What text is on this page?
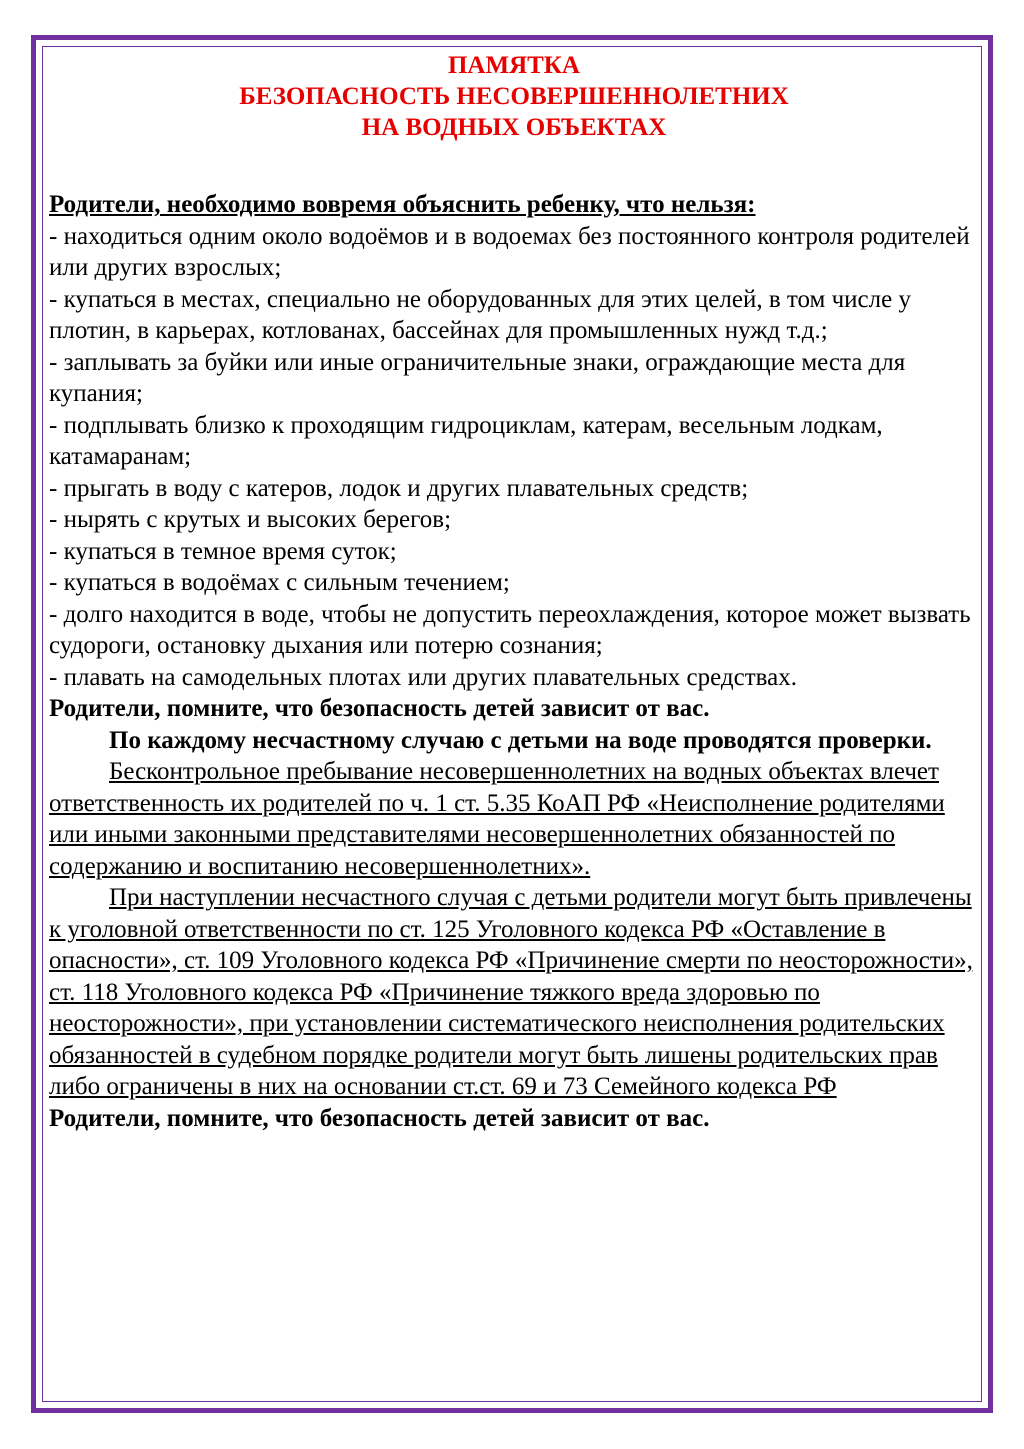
ПАМЯТКА
БЕЗОПАСНОСТЬ НЕСОВЕРШЕННОЛЕТНИХ
НА ВОДНЫХ ОБЪЕКТАХ

Родители, необходимо вовремя объяснить ребенку, что нельзя:

- находиться одним около водоёмов и в водоемах без постоянного контроля родителей или других взрослых;
- купаться в местах, специально не оборудованных для этих целей, в том числе у плотин, в карьерах, котлованах, бассейнах для промышленных нужд т.д.;
- заплывать за буйки или иные ограничительные знаки, ограждающие места для купания;
- подплывать близко к проходящим гидроциклам, катерам, весельным лодкам, катамаранам;
- прыгать в воду с катеров, лодок и других плавательных средств;
- нырять с крутых и высоких берегов;
- купаться в темное время суток;
- купаться в водоёмах с сильным течением;
- долго находится в воде, чтобы не допустить переохлаждения, которое может вызвать судороги, остановку дыхания или потерю сознания;
- плавать на самодельных плотах или других плавательных средствах.

Родители, помните, что безопасность детей зависит от вас.

По каждому несчастному случаю с детьми на воде проводятся проверки.

Бесконтрольное пребывание несовершеннолетних на водных объектах влечет ответственность их родителей по ч. 1 ст. 5.35 КоАП РФ «Неисполнение родителями или иными законными представителями несовершеннолетних обязанностей по содержанию и воспитанию несовершеннолетних».

При наступлении несчастного случая с детьми родители могут быть привлечены к уголовной ответственности по ст. 125 Уголовного кодекса РФ «Оставление в опасности», ст. 109 Уголовного кодекса РФ «Причинение смерти по неосторожности», ст. 118 Уголовного кодекса РФ «Причинение тяжкого вреда здоровью по неосторожности», при установлении систематического неисполнения родительских обязанностей в судебном порядке родители могут быть лишены родительских прав либо ограничены в них на основании ст.ст. 69 и 73 Семейного кодекса РФ

Родители, помните, что безопасность детей зависит от вас.
